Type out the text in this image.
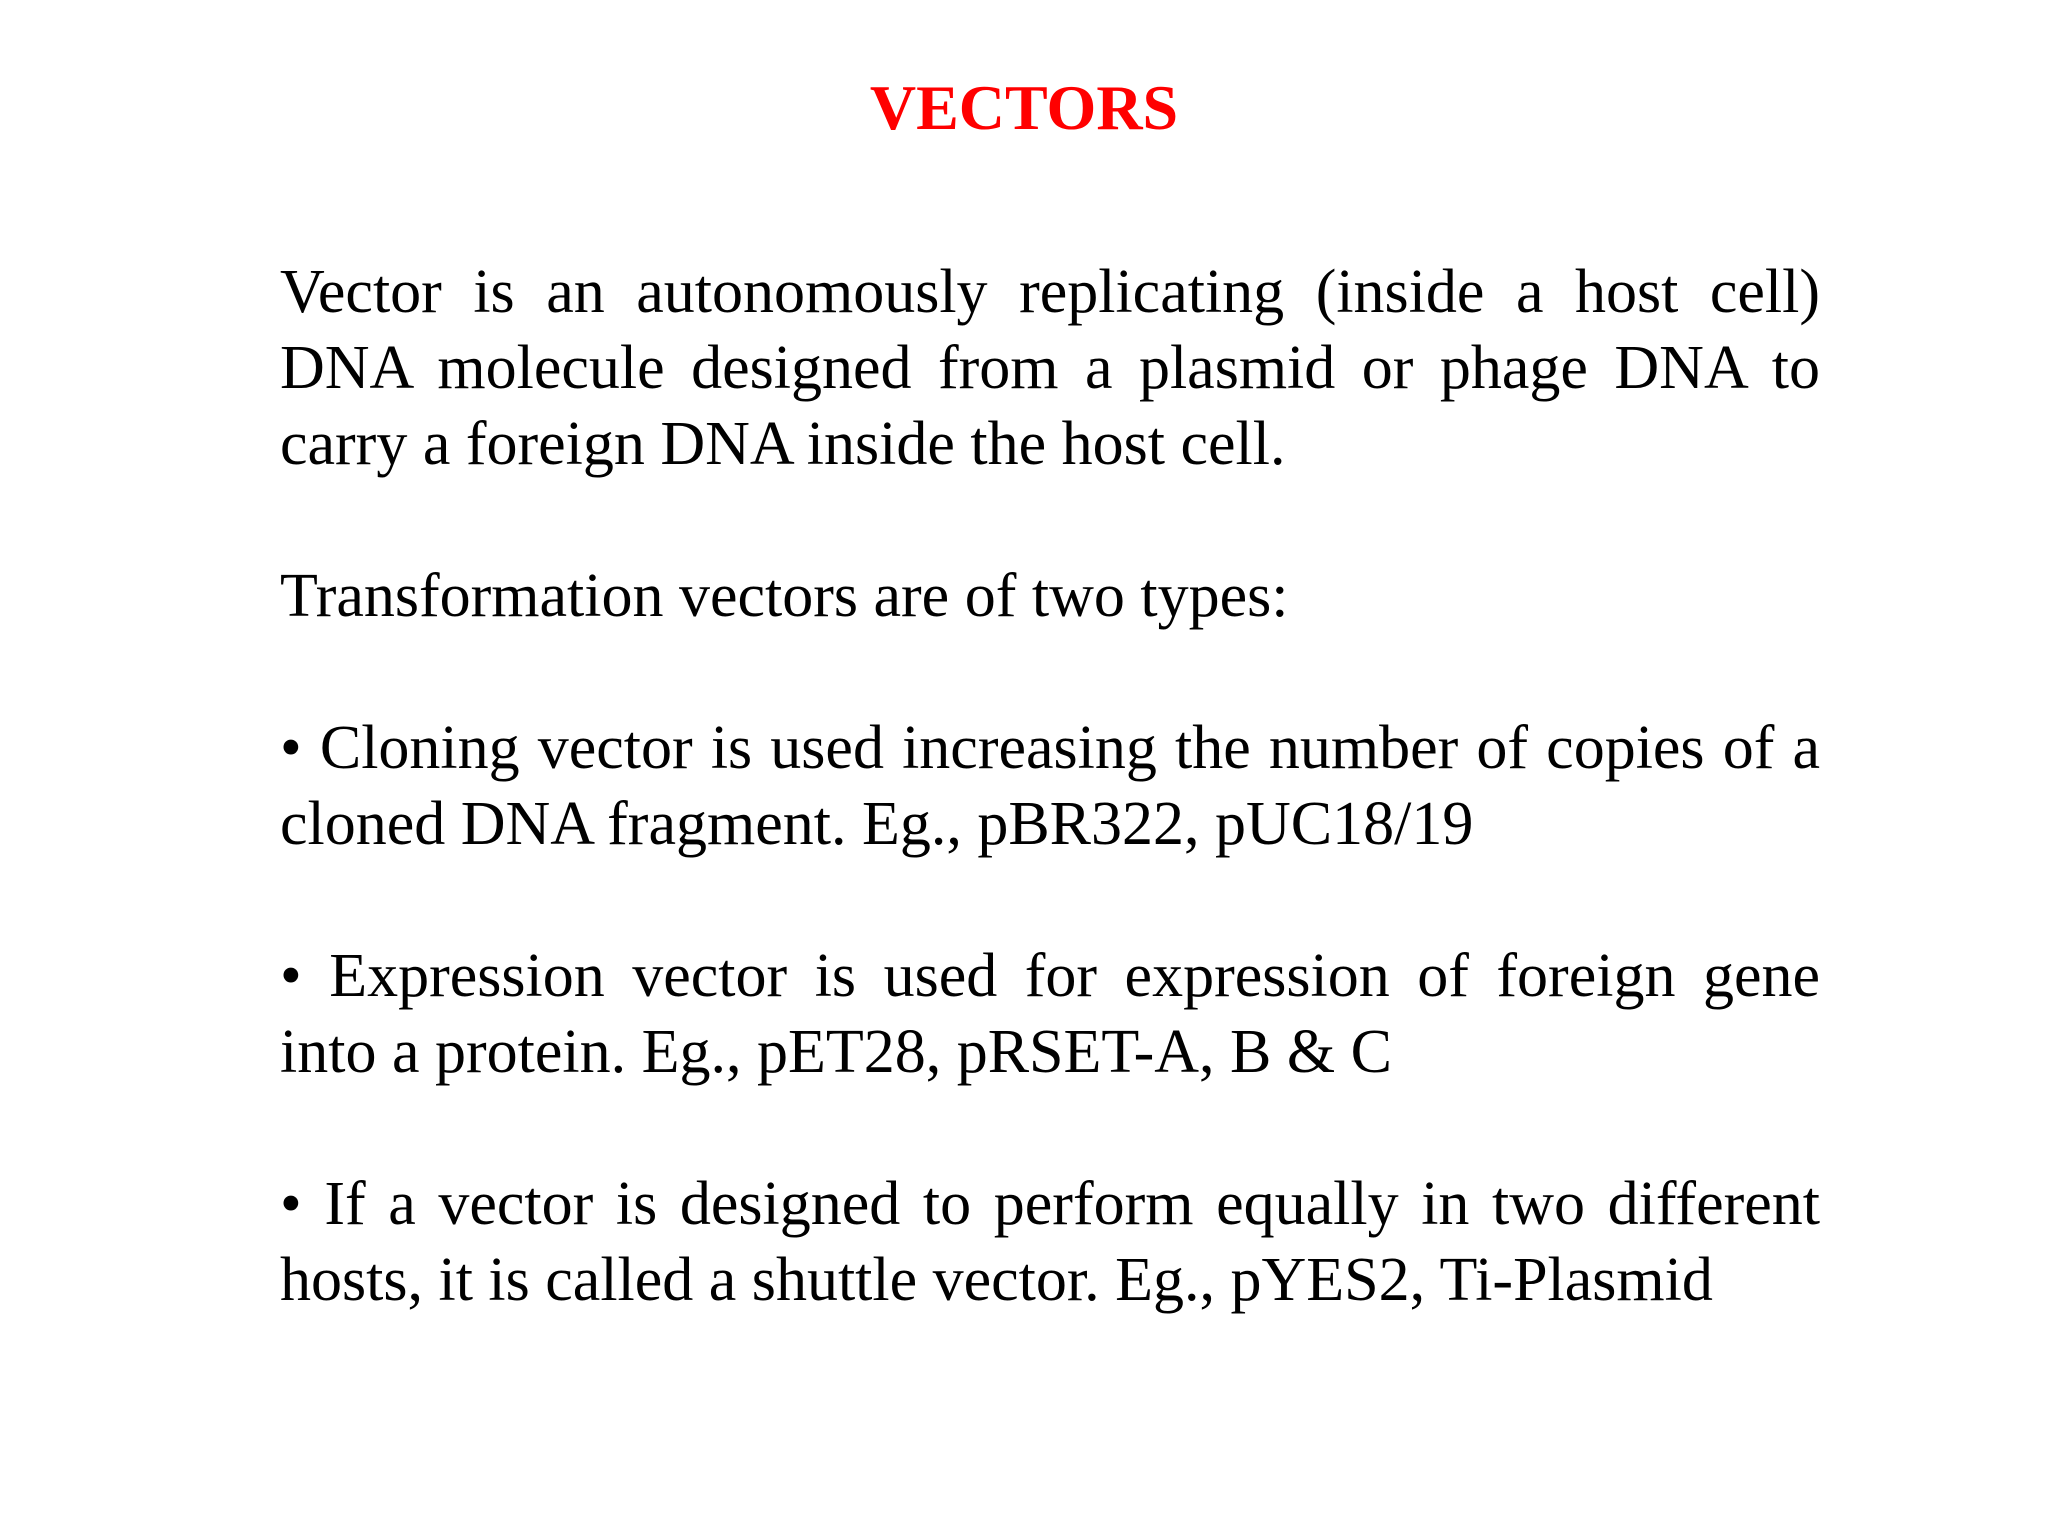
VECTORS

Vector is an autonomously replicating (inside a host cell) DNA molecule designed from a plasmid or phage DNA to carry a foreign DNA inside the host cell.

Transformation vectors are of two types:

• Cloning vector is used increasing the number of copies of a cloned DNA fragment. Eg., pBR322, pUC18/19

• Expression vector is used for expression of foreign gene into a protein. Eg., pET28, pRSET-A, B & C

• If a vector is designed to perform equally in two different hosts, it is called a shuttle vector. Eg., pYES2, Ti-Plasmid
